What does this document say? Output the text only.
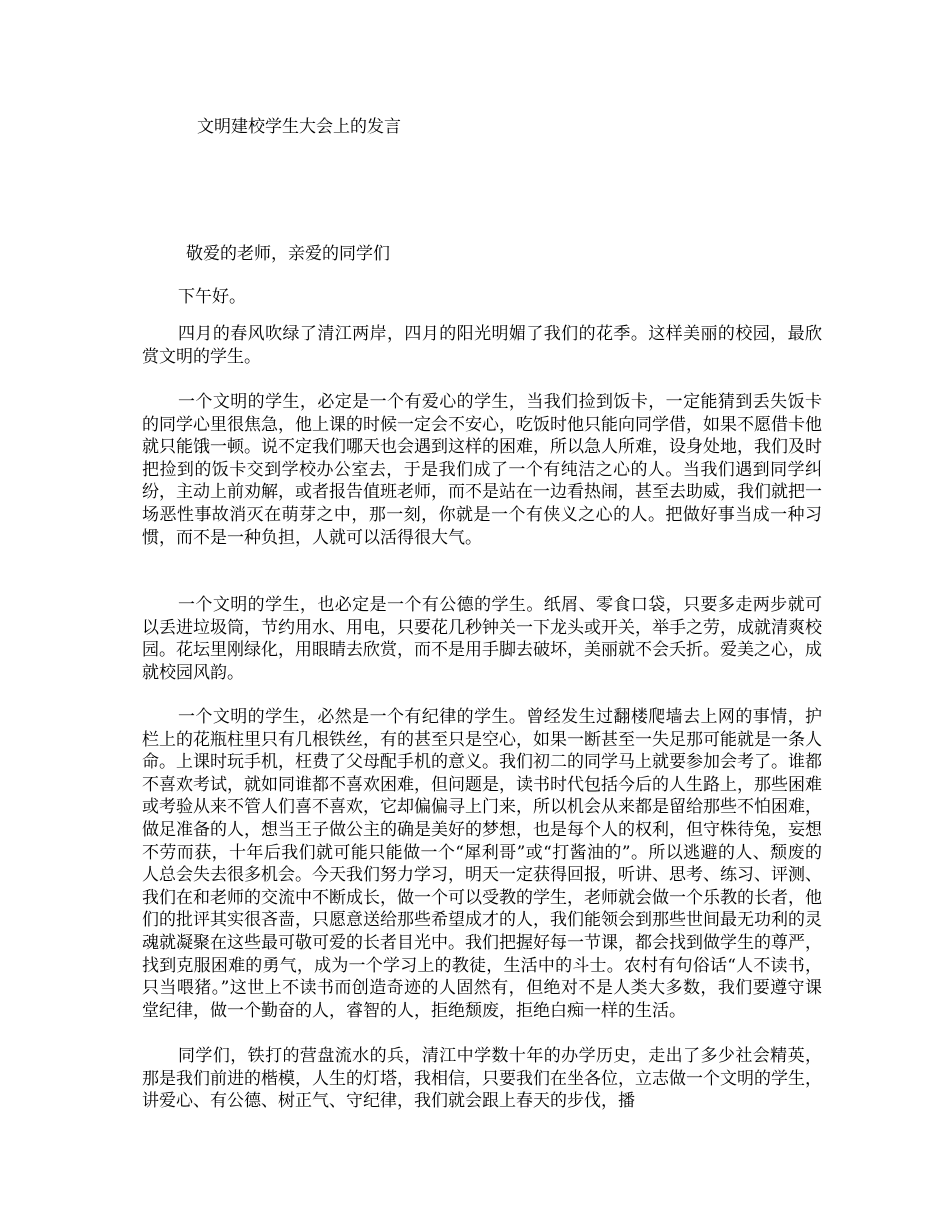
文明建校学生大会上的发言
敬爱的老师，亲爱的同学们
下午好。

四月的春风吹绿了清江两岸，四月的阳光明媚了我们的花季。这样美丽的校园，最欣赏文明的学生。

一个文明的学生，必定是一个有爱心的学生，当我们捡到饭卡，一定能猜到丢失饭卡的同学心里很焦急，他上课的时候一定会不安心，吃饭时他只能向同学借，如果不愿借卡他就只能饿一顿。说不定我们哪天也会遇到这样的困难，所以急人所难，设身处地，我们及时把捡到的饭卡交到学校办公室去，于是我们成了一个有纯洁之心的人。当我们遇到同学纠纷，主动上前劝解，或者报告值班老师，而不是站在一边看热闹，甚至去助威，我们就把一场恶性事故消灭在萌芽之中，那一刻，你就是一个有侠义之心的人。把做好事当成一种习惯，而不是一种负担，人就可以活得很大气。

一个文明的学生，也必定是一个有公德的学生。纸屑、零食口袋，只要多走两步就可以丢进垃圾筒，节约用水、用电，只要花几秒钟关一下龙头或开关，举手之劳，成就清爽校园。花坛里刚绿化，用眼睛去欣赏，而不是用手脚去破坏，美丽就不会夭折。爱美之心，成就校园风韵。

一个文明的学生，必然是一个有纪律的学生。曾经发生过翻楼爬墙去上网的事情，护栏上的花瓶柱里只有几根铁丝，有的甚至只是空心，如果一断甚至一失足那可能就是一条人命。上课时玩手机，枉费了父母配手机的意义。我们初二的同学马上就要参加会考了。谁都不喜欢考试，就如同谁都不喜欢困难，但问题是，读书时代包括今后的人生路上，那些困难或考验从来不管人们喜不喜欢，它却偏偏寻上门来，所以机会从来都是留给那些不怕困难，做足准备的人，想当王子做公主的确是美好的梦想，也是每个人的权利，但守株待兔，妄想不劳而获，十年后我们就可能只能做一个“犀利哥”或“打酱油的”。所以逃避的人、颓废的人总会失去很多机会。今天我们努力学习，明天一定获得回报，听讲、思考、练习、评测、我们在和老师的交流中不断成长，做一个可以受教的学生，老师就会做一个乐教的长者，他们的批评其实很吝啬，只愿意送给那些希望成才的人，我们能领会到那些世间最无功利的灵魂就凝聚在这些最可敬可爱的长者目光中。我们把握好每一节课，都会找到做学生的尊严，找到克服困难的勇气，成为一个学习上的教徒，生活中的斗士。农村有句俗话“人不读书，只当喂猪。”这世上不读书而创造奇迹的人固然有，但绝对不是人类大多数，我们要遵守课堂纪律，做一个勤奋的人，睿智的人，拒绝颓废，拒绝白痴一样的生活。

同学们，铁打的营盘流水的兵，清江中学数十年的办学历史，走出了多少社会精英，那是我们前进的楷模，人生的灯塔，我相信，只要我们在坐各位，立志做一个文明的学生，讲爱心、有公德、树正气、守纪律，我们就会跟上春天的步伐，播
